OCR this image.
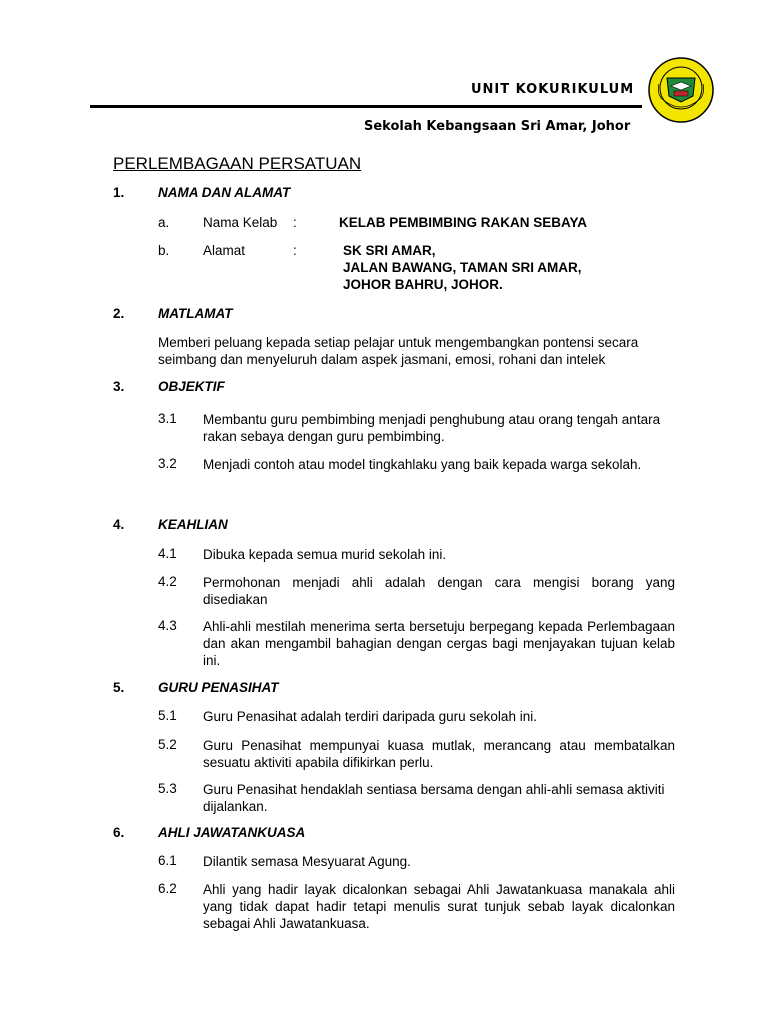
UNIT KOKURIKULUM
Sekolah Kebangsaan Sri Amar, Johor
PERLEMBAGAAN PERSATUAN
1. NAMA DAN ALAMAT
a. Nama Kelab :	KELAB PEMBIMBING RAKAN SEBAYA
b. Alamat	:	SK SRI AMAR,
JALAN BAWANG, TAMAN SRI AMAR,
JOHOR BAHRU, JOHOR.
2. MATLAMAT
Memberi peluang kepada setiap pelajar untuk mengembangkan pontensi secara seimbang dan menyeluruh dalam aspek jasmani, emosi, rohani dan intelek
3. OBJEKTIF
3.1 Membantu guru pembimbing menjadi penghubung atau orang tengah antara rakan sebaya dengan guru pembimbing.
3.2 Menjadi contoh atau model tingkahlaku yang baik kepada warga sekolah.
4. KEAHLIAN
4.1 Dibuka kepada semua murid sekolah ini.
4.2 Permohonan menjadi ahli adalah dengan cara mengisi borang yang disediakan
4.3 Ahli-ahli mestilah menerima serta bersetuju berpegang kepada Perlembagaan dan akan mengambil bahagian dengan cergas bagi menjayakan tujuan kelab ini.
5. GURU PENASIHAT
5.1 Guru Penasihat adalah terdiri daripada guru sekolah ini.
5.2 Guru Penasihat mempunyai kuasa mutlak, merancang atau membatalkan sesuatu aktiviti apabila difikirkan perlu.
5.3 Guru Penasihat hendaklah sentiasa bersama dengan ahli-ahli semasa aktiviti dijalankan.
6. AHLI JAWATANKUASA
6.1 Dilantik semasa Mesyuarat Agung.
6.2 Ahli yang hadir layak dicalonkan sebagai Ahli Jawatankuasa manakala ahli yang tidak dapat hadir tetapi menulis surat tunjuk sebab layak dicalonkan sebagai Ahli Jawatankuasa.
